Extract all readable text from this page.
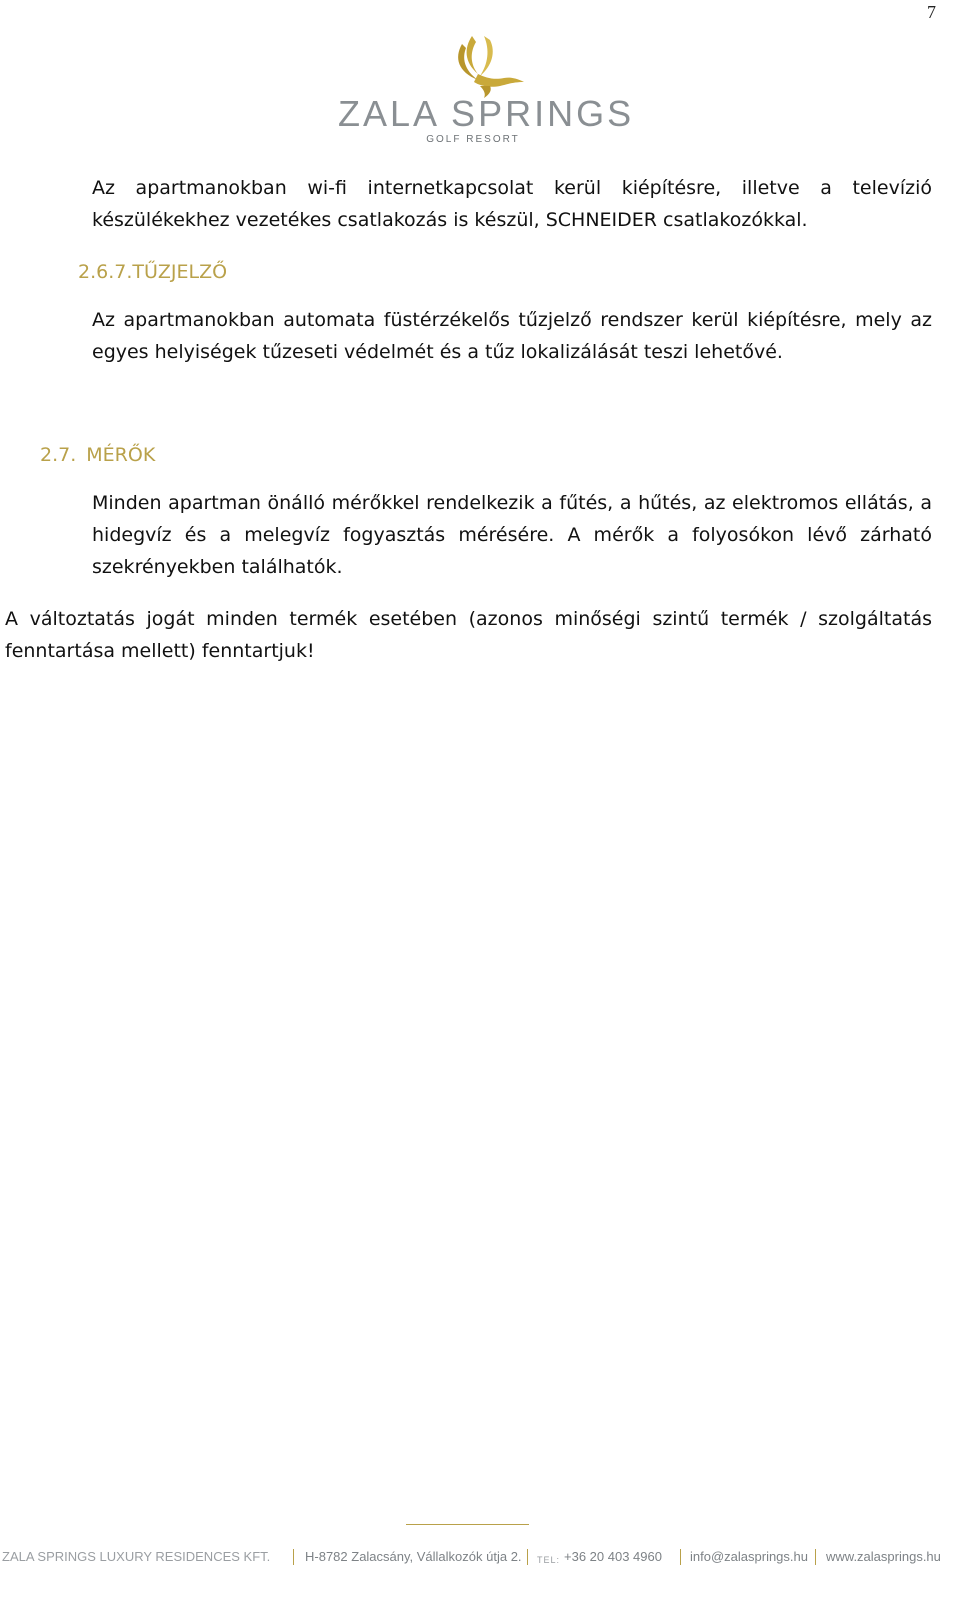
7
ZALA SPRINGS
GOLF RESORT

Az apartmanokban wi-fi internetkapcsolat kerül kiépítésre, illetve a televízió készülékekhez vezetékes csatlakozás is készül, SCHNEIDER csatlakozókkal.

2.6.7.TŰZJELZŐ

Az apartmanokban automata füstérzékelős tűzjelző rendszer kerül kiépítésre, mely az egyes helyiségek tűzeseti védelmét és a tűz lokalizálását teszi lehetővé.

2.7. MÉRŐK

Minden apartman önálló mérőkkel rendelkezik a fűtés, a hűtés, az elektromos ellátás, a hidegvíz és a melegvíz fogyasztás mérésére. A mérők a folyosókon lévő zárható szekrényekben találhatók.

A változtatás jogát minden termék esetében (azonos minőségi szintű termék / szolgáltatás fenntartása mellett) fenntartjuk!

ZALA SPRINGS LUXURY RESIDENCES KFT.	H-8782 Zalacsány, Vállalkozók útja 2. TEL: +36 20 403 4960 info@zalasprings.hu www.zalasprings.hu
